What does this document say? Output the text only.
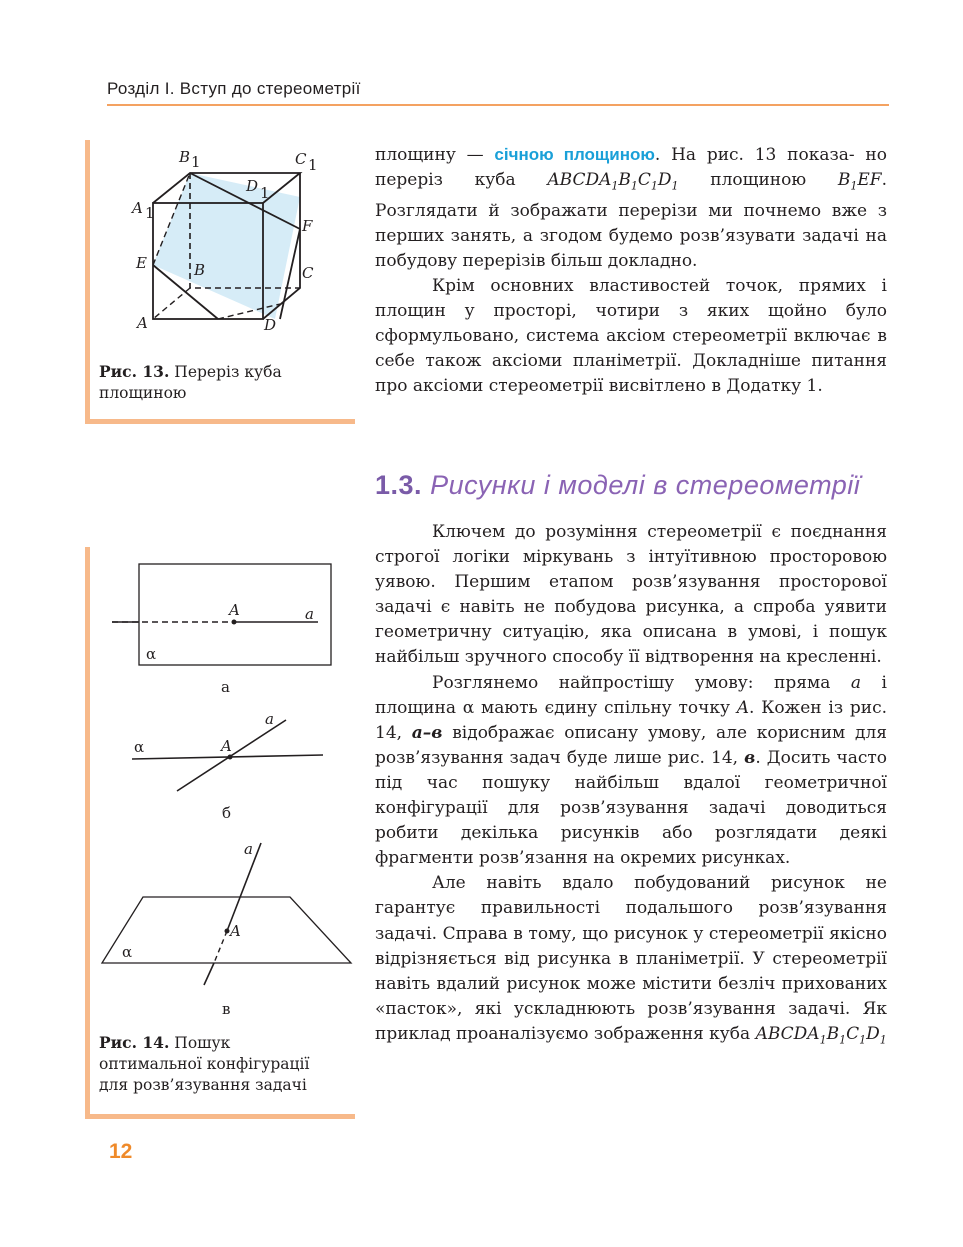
Розділ I. Вступ до стереометрії
B 1	C 1
D 1
A 1
E
F
B	C
A	D
Рис. 13. Переріз куба
площиною

площину — січною площиною. На рис. 13 показа- но переріз куба $ABCDA_1B_1C_1D_1$ площиною $B_1EF$. Розглядати й зображати перерізи ми почнемо вже з перших занять, а згодом будемо розв’язувати задачі на побудову перерізів більш докладно.

Крім основних властивостей точок, прямих і площин у просторі, чотири з яких щойно було сформульовано, система аксіом стереометрії включає в себе також аксіоми планіметрії. Докладніше питання про аксіоми стереометрії висвітлено в Додатку 1.

1.3. Рисунки і моделі в стереометрії
A	a
α
а
A
a
α
б
A
a
α
в
Рис. 14. Пошук
оптимальної конфігурації
для розв’язування задачі

Ключем до розуміння стереометрії є поєднання строгої логіки міркувань з інтуїтивною просторовою уявою. Першим етапом розв’язування просторової задачі є навіть не побудова рисунка, а спроба уявити геометричну ситуацію, яка описана в умові, і пошук найбільш зручного способу її відтворення на кресленні.

Розглянемо найпростішу умову: пряма a і площина α мають єдину спільну точку A. Кожен із рис. 14, а–в відображає описану умову, але корисним для розв’язування задач буде лише рис. 14, в. Досить часто під час пошуку найбільш вдалої геометричної конфігурації для розв’язування задачі доводиться робити декілька рисунків або розглядати деякі фрагменти розв’язання на окремих рисунках.

Але навіть вдало побудований рисунок не гарантує правильності подальшого розв’язування задачі. Справа в тому, що рисунок у стереометрії якісно відрізняється від рисунка в планіметрії. У стереометрії навіть вдалий рисунок може містити безліч прихованих «пасток», які ускладнюють розв’язування задачі. Як приклад проаналізуємо зображення куба $ABCDA_1B_1C_1D_1$

12
